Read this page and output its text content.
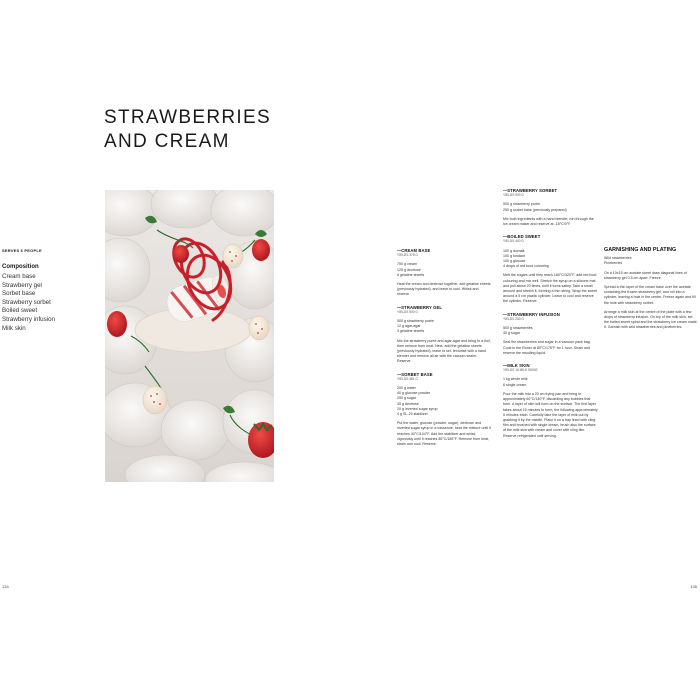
STRAWBERRIES
AND CREAM
SERVES 6 PEOPLE
Composition
Cream base
Strawberry gel
Sorbet base
Strawberry sorbet
Boiled sweet
Strawberry infusion
Milk skin
—CREAM BASE
YIELDS 375 G
750 g cream
125 g dextrose
6 gelatine sheets

Heat the cream and dextrose together, add gelatine sheets (previously hydrated), and leave to cool. Whisk and reserve.

—STRAWBERRY GEL
YIELDS 500 G
500 g strawberry purée
12 g agar-agar
3 gelatine sheets

Mix the strawberry purée and agar-agar and bring to a boil, then remove from heat. Next, add the gelatine sheets (previously hydrated), leave to set, texturise with a hand blender and remove all air with the vacuum sealer. Reserve.

—SORBET BASE
YIELDS 481 G
200 g water
40 g glucose powder
250 g sugar
35 g dextrose
20 g inverted sugar syrup
4 g SL-29 stabilizer

Put the water, glucose (powder, sugar), dextrose and inverted sugar syrup in a casserole, heat the mixture until it reaches 40°C/104°F. Add the stabilizer and whisk vigorously until it reaches 85°C/185°F. Remove from heat, strain and cool. Reserve.

—STRAWBERRY SORBET
YIELDS 900 G
500 g strawberry purée
250 g sorbet base (previously prepared)

Mix both ingredients with a hand blender, run through the ice cream maker and reserve at -18°C/0°F.

—BOILED SWEET
YIELDS 400 G
100 g isomalt
100 g fondant
100 g glucose
4 drops of red food colouring

Melt the sugars until they reach 160°C/320°F, add red food colouring and mix well. Stretch the syrup on a silicone mat and pull about 20 times, until it turns satiny. Take a small amount and stretch it, forming a thin string. Wrap the sweet around a 5 cm plastic cylinder. Leave to cool and reserve the cylinder. Reserve.

—STRAWBERRY INFUSION
YIELDS 250 G
500 g strawberries
30 g sugar

Seal the strawberries and sugar in a vacuum pack bag. Cook in the Roner at 80°C/176°F for 1 hour. Strain and reserve the resulting liquid.

—MILK SKIN
YIELDS 16 MILK SKINS
1 kg whole milk
6 single cream

Pour the milk into a 20 cm frying pan and bring to approximately 60°C/140°F, discarding any bubbles that form. A layer of skin will form on the surface. The first layer takes about 15 minutes to form, the following approximately 5 minutes each. Carefully take the layer of milk out by grabbing it by the middle. Place it on a tray lined with cling film and brushed with single cream, brush also the surface of the milk skin with cream and cover with cling film. Reserve refrigerated until serving.

GARNISHING AND PLATING
Wild strawberries
Pineberries

On a 10x15 cm acetate sheet draw diagonal lines of strawberry gel 0.5 cm apart. Freeze.

Spread a thin layer of the cream base over the acetate containing the frozen strawberry gel, and roll into a cylinder, leaving a hole in the centre. Freeze again and fill the hole with strawberry sorbet.

Arrange a milk skin at the centre of the plate with a few drops of strawberry infusion. On top of the milk skin, set the boiled sweet spiral and the strawberry ice cream made it. Garnish with wild strawberries and pineberries.

134	135
